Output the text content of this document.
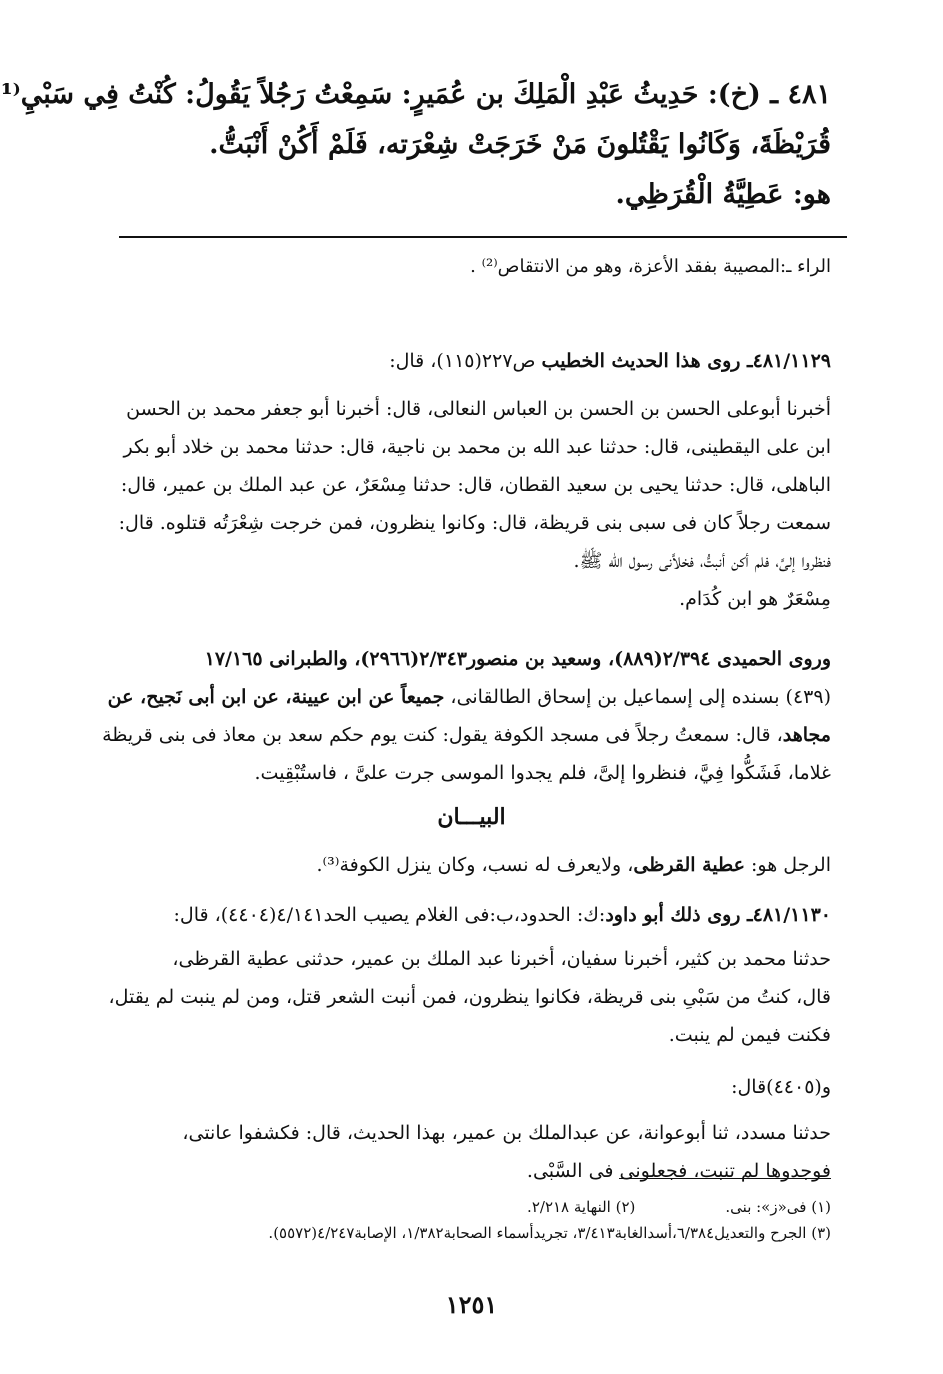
٤٨١ ـ (خ): حَدِيثُ عَبْدِ الْمَلِكَ بن عُمَيرٍ: سَمِعْتُ رَجُلاً يَقُولُ: كُنْتُ فِي سَبْيِ⁽¹
قُرَيْظَةَ، وَكَانُوا يَقْتُلونَ مَنْ خَرَجَتْ شِعْرَته، فَلَمْ أَكُنْ أَنْبَتُّ.
هو: عَطِيَّةُ الْقُرَظِي.
الراء ـ:المصيبة بفقد الأعزة، وهو من الانتقاص⁽²⁾ .
٤٨١/١١٢٩ـ روى هذا الحديث الخطيب ص٢٢٧(١١٥)، قال:
أخبرنا أبوعلى الحسن بن الحسن بن العباس النعالى، قال: أخبرنا أبو جعفر محمد بن الحسن
ابن على اليقطينى، قال: حدثنا عبد الله بن محمد بن ناجية، قال: حدثنا محمد بن خلاد أبو بكر
الباهلى، قال: حدثنا يحيى بن سعيد القطان، قال: حدثنا مِسْعَرٌ، عن عبد الملك بن عمير، قال:
سمعت رجلاً كان فى سبى بنى قريظة، قال: وكانوا ينظرون، فمن خرجت شِعْرَتُه قتلوه. قال:
فنظروا إلىَّ، فلم أكن أنبتُّ، فخلاَّنى رسول الله ﷺ.
مِسْعَرٌ هو ابن كُدَام.
وروى الحميدى ٢/٣٩٤(٨٨٩)، وسعيد بن منصور٢/٣٤٣(٢٩٦٦)، والطبرانى ١٧/١٦٥
(٤٣٩) بسنده إلى إسماعيل بن إسحاق الطالقانى، جميعاً عن ابن عيينة، عن ابن أبى نَجيح، عن
مجاهد، قال: سمعتُ رجلاً فى مسجد الكوفة يقول: كنت يوم حكم سعد بن معاذ فى بنى قريظة
غلاما، فَشَكُّوا فِيَّ، فنظروا إلىَّ، فلم يجدوا الموسى جرت علىَّ ، فاستُبْقِيت.
البيـــان
الرجل هو: عطية القرظى، ولايعرف له نسب، وكان ينزل الكوفة⁽³⁾.
٤٨١/١١٣٠ـ روى ذلك أبو داود:ك: الحدود،ب:فى الغلام يصيب الحد٤/١٤١(٤٤٠٤)، قال:
حدثنا محمد بن كثير، أخبرنا سفيان، أخبرنا عبد الملك بن عمير، حدثنى عطية القرظى،
قال، كنتُ من سَبْىِ بنى قريظة، فكانوا ينظرون، فمن أنبت الشعر قتل، ومن لم ينبت لم يقتل،
فكنت فيمن لم ينبت.
و(٤٤٠٥)قال:
حدثنا مسدد، ثنا أبوعوانة، عن عبدالملك بن عمير، بهذا الحديث، قال: فكشفوا عانتى،
فوجدوها لم تنبت، فجعلونى فى السَّبْى.
(١) فى«ز»: بنى.(٢) النهاية ٢/٢١٨.
(٣) الجرح والتعديل٦/٣٨٤،أسدالغابة٣/٤١٣، تجريدأسماء الصحابة١/٣٨٢، الإصابة٤/٢٤٧(٥٥٧٢).
١٢٥١
